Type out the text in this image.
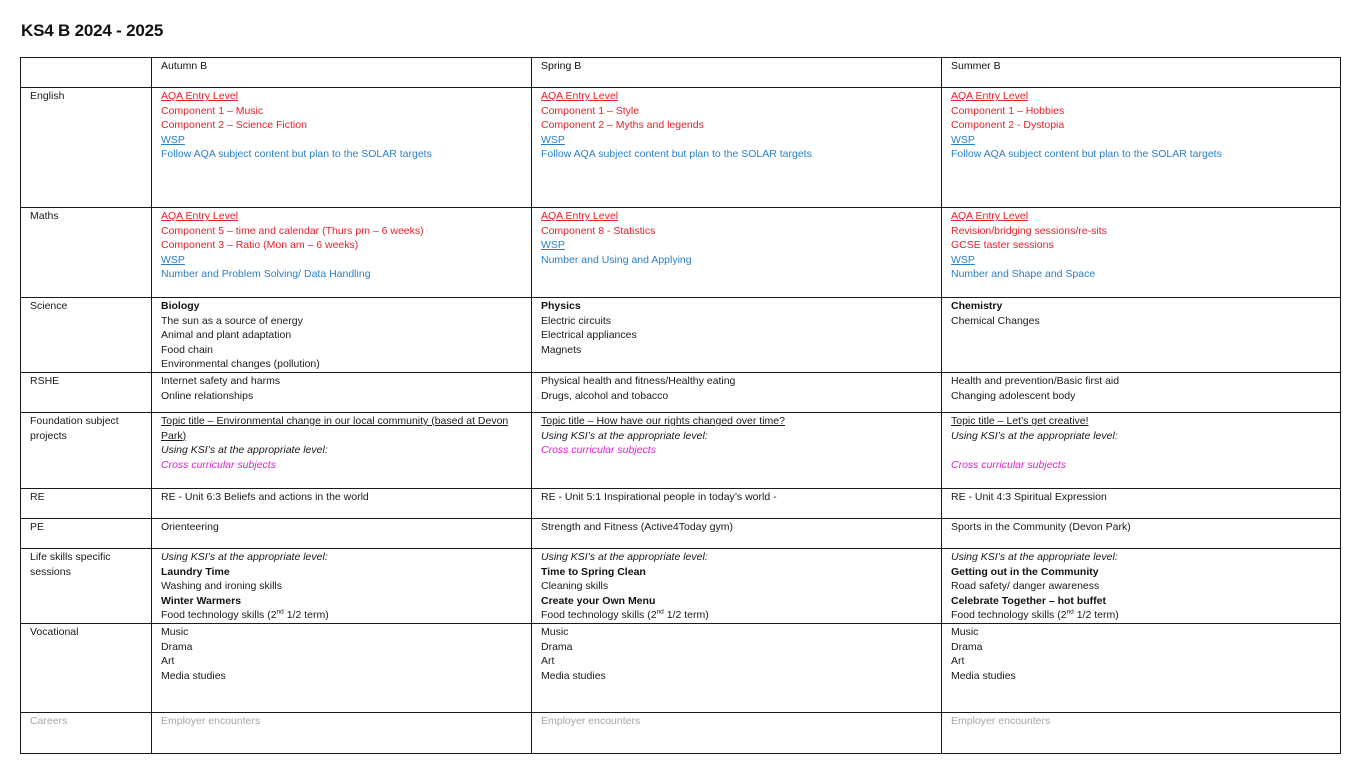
KS4 B 2024 - 2025
	Autumn B	Spring B	Summer B
English	AQA Entry Level
Component 1 – Music
Component 2 – Science Fiction
WSP
Follow AQA subject content but plan to the SOLAR targets	AQA Entry Level
Component 1 – Style
Component 2 – Myths and legends
WSP
Follow AQA subject content but plan to the SOLAR targets	AQA Entry Level
Component 1 – Hobbies
Component 2 - Dystopia
WSP
Follow AQA subject content but plan to the SOLAR targets

Maths	AQA Entry Level
Component 5 – time and calendar (Thurs pm – 6 weeks)
Component 3 – Ratio (Mon am – 6 weeks)
WSP
Number and Problem Solving/ Data Handling	AQA Entry Level
Component 8 - Statistics
WSP
Number and Using and Applying	AQA Entry Level
Revision/bridging sessions/re-sits
GCSE taster sessions
WSP
Number and Shape and Space

Science	Biology
The sun as a source of energy
Animal and plant adaptation
Food chain
Environmental changes (pollution)	Physics
Electric circuits
Electrical appliances
Magnets	Chemistry
Chemical Changes

RSHE	Internet safety and harms
Online relationships	Physical health and fitness/Healthy eating
Drugs, alcohol and tobacco	Health and prevention/Basic first aid
Changing adolescent body

Foundation subject projects	Topic title – Environmental change in our local community (based at Devon Park)
Using KSI’s at the appropriate level:
Cross curricular subjects	Topic title – How have our rights changed over time?
Using KSI’s at the appropriate level:
Cross curricular subjects	Topic title – Let’s get creative!
Using KSI’s at the appropriate level:
Cross curricular subjects

RE	RE - Unit 6:3 Beliefs and actions in the world	RE - Unit 5:1 Inspirational people in today’s world -	RE - Unit 4:3 Spiritual Expression
PE	Orienteering	Strength and Fitness (Active4Today gym)	Sports in the Community (Devon Park)
Life skills specific sessions	Using KSI’s at the appropriate level:
Laundry Time
Washing and ironing skills
Winter Warmers
Food technology skills (2nd 1/2 term)	Using KSI’s at the appropriate level:
Time to Spring Clean
Cleaning skills
Create your Own Menu
Food technology skills (2nd 1/2 term)	Using KSI’s at the appropriate level:
Getting out in the Community
Road safety/ danger awareness
Celebrate Together – hot buffet
Food technology skills (2nd 1/2 term)

Vocational	Music
Drama
Art
Media studies	Music
Drama
Art
Media studies	Music
Drama
Art
Media studies

Careers	Employer encounters	Employer encounters	Employer encounters
